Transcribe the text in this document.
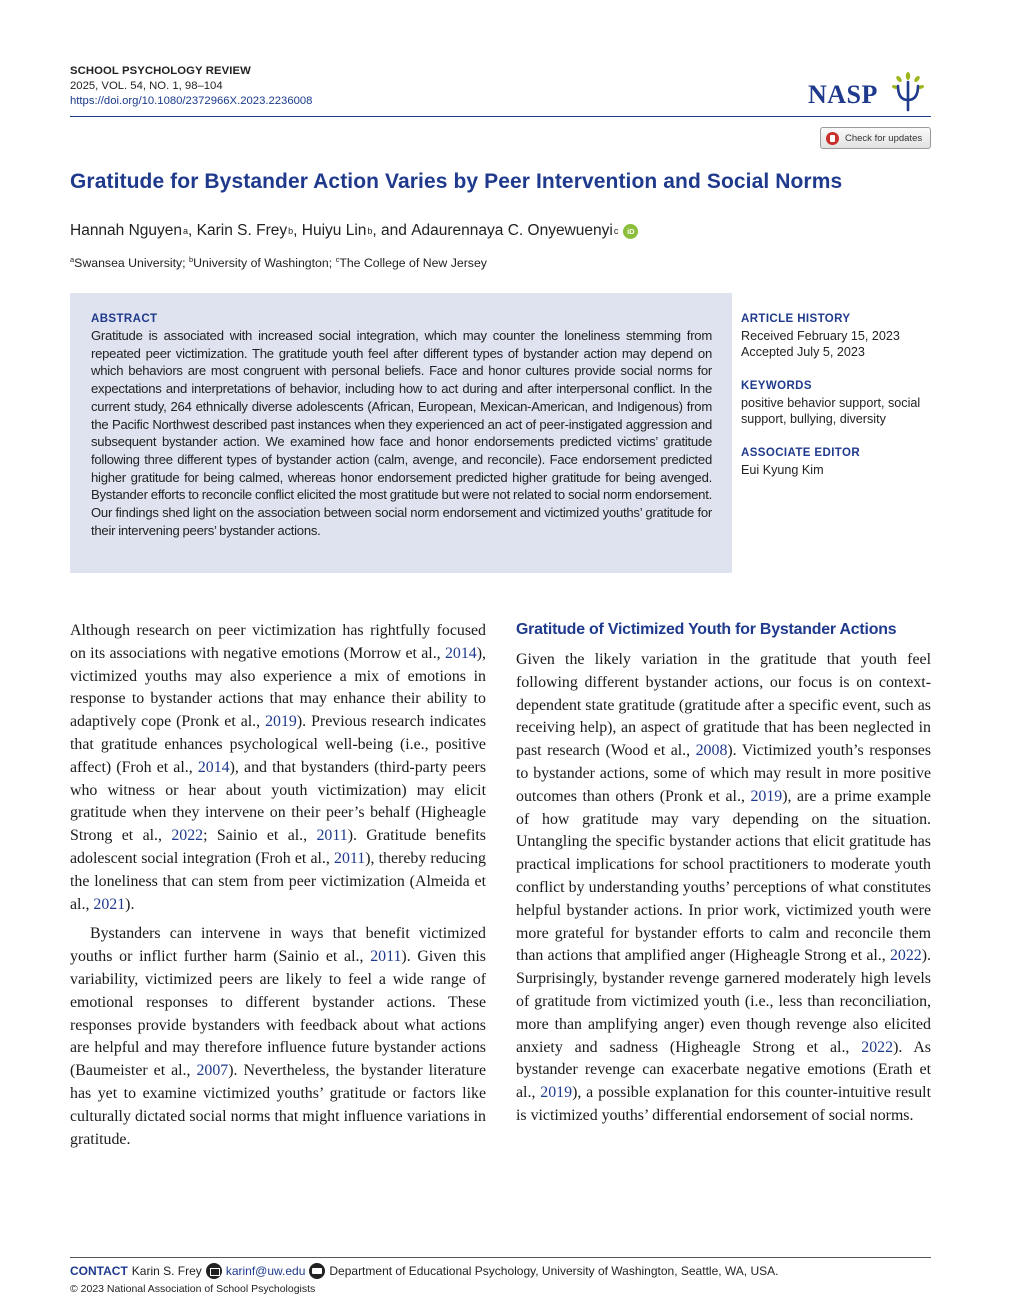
SCHOOL PSYCHOLOGY REVIEW
2025, VOL. 54, NO. 1, 98–104
https://doi.org/10.1080/2372966X.2023.2236008	NASP
Check for updates
Gratitude for Bystander Action Varies by Peer Intervention and Social Norms
Hannah Nguyen a , Karin S. Frey b , Huiyu Lin b , and Adaurennaya C. Onyewuenyi c	iD
$^a$Swansea University; $^b$University of Washington; $^c$The College of New Jersey
ABSTRACT
Gratitude is associated with increased social integration, which may counter the loneliness stemming from repeated peer victimization. The gratitude youth feel after different types of bystander action may depend on which behaviors are most congruent with personal beliefs. Face and honor cultures provide social norms for expectations and interpretations of behavior, including how to act during and after interpersonal conflict. In the current study, 264 ethnically diverse adolescents (African, European, Mexican-American, and Indigenous) from the Pacific Northwest described past instances when they experienced an act of peer-instigated aggression and subsequent bystander action. We examined how face and honor endorsements predicted victims’ gratitude following three different types of bystander action (calm, avenge, and reconcile). Face endorsement predicted higher gratitude for being calmed, whereas honor endorsement predicted higher gratitude for being avenged. Bystander efforts to reconcile conflict elicited the most gratitude but were not related to social norm endorsement. Our findings shed light on the association between social norm endorsement and victimized youths’ gratitude for their intervening peers’ bystander actions.
ARTICLE HISTORY
Received February 15, 2023
Accepted July 5, 2023
KEYWORDS
positive behavior support, social support, bullying, diversity
ASSOCIATE EDITOR
Eui Kyung Kim

Although research on peer victimization has rightfully focused on its associations with negative emotions (Morrow et al., 2014), victimized youths may also experience a mix of emotions in response to bystander actions that may enhance their ability to adaptively cope (Pronk et al., 2019). Previous research indicates that gratitude enhances psychological well-being (i.e., positive affect) (Froh et al., 2014), and that bystanders (third-party peers who witness or hear about youth victimization) may elicit gratitude when they intervene on their peer’s behalf (Higheagle Strong et al., 2022; Sainio et al., 2011). Gratitude benefits adolescent social integration (Froh et al., 2011), thereby reducing the loneliness that can stem from peer victimization (Almeida et al., 2021).

Bystanders can intervene in ways that benefit victimized youths or inflict further harm (Sainio et al., 2011). Given this variability, victimized peers are likely to feel a wide range of emotional responses to different bystander actions. These responses provide bystanders with feedback about what actions are helpful and may therefore influence future bystander actions (Baumeister et al., 2007). Nevertheless, the bystander literature has yet to examine victimized youths’ gratitude or factors like culturally dictated social norms that might influence variations in gratitude.

Gratitude of Victimized Youth for Bystander Actions

Given the likely variation in the gratitude that youth feel following different bystander actions, our focus is on context-dependent state gratitude (gratitude after a specific event, such as receiving help), an aspect of gratitude that has been neglected in past research (Wood et al., 2008). Victimized youth’s responses to bystander actions, some of which may result in more positive outcomes than others (Pronk et al., 2019), are a prime example of how gratitude may vary depending on the situation. Untangling the specific bystander actions that elicit gratitude has practical implications for school practitioners to moderate youth conflict by understanding youths’ perceptions of what constitutes helpful bystander actions. In prior work, victimized youth were more grateful for bystander efforts to calm and reconcile them than actions that amplified anger (Higheagle Strong et al., 2022). Surprisingly, bystander revenge garnered moderately high levels of gratitude from victimized youth (i.e., less than reconciliation, more than amplifying anger) even though revenge also elicited anxiety and sadness (Higheagle Strong et al., 2022). As bystander revenge can exacerbate negative emotions (Erath et al., 2019), a possible explanation for this counter-intuitive result is victimized youths’ differential endorsement of social norms.

CONTACT Karin S. Frey karinf@uw.edu Department of Educational Psychology, University of Washington, Seattle, WA, USA.
© 2023 National Association of School Psychologists
